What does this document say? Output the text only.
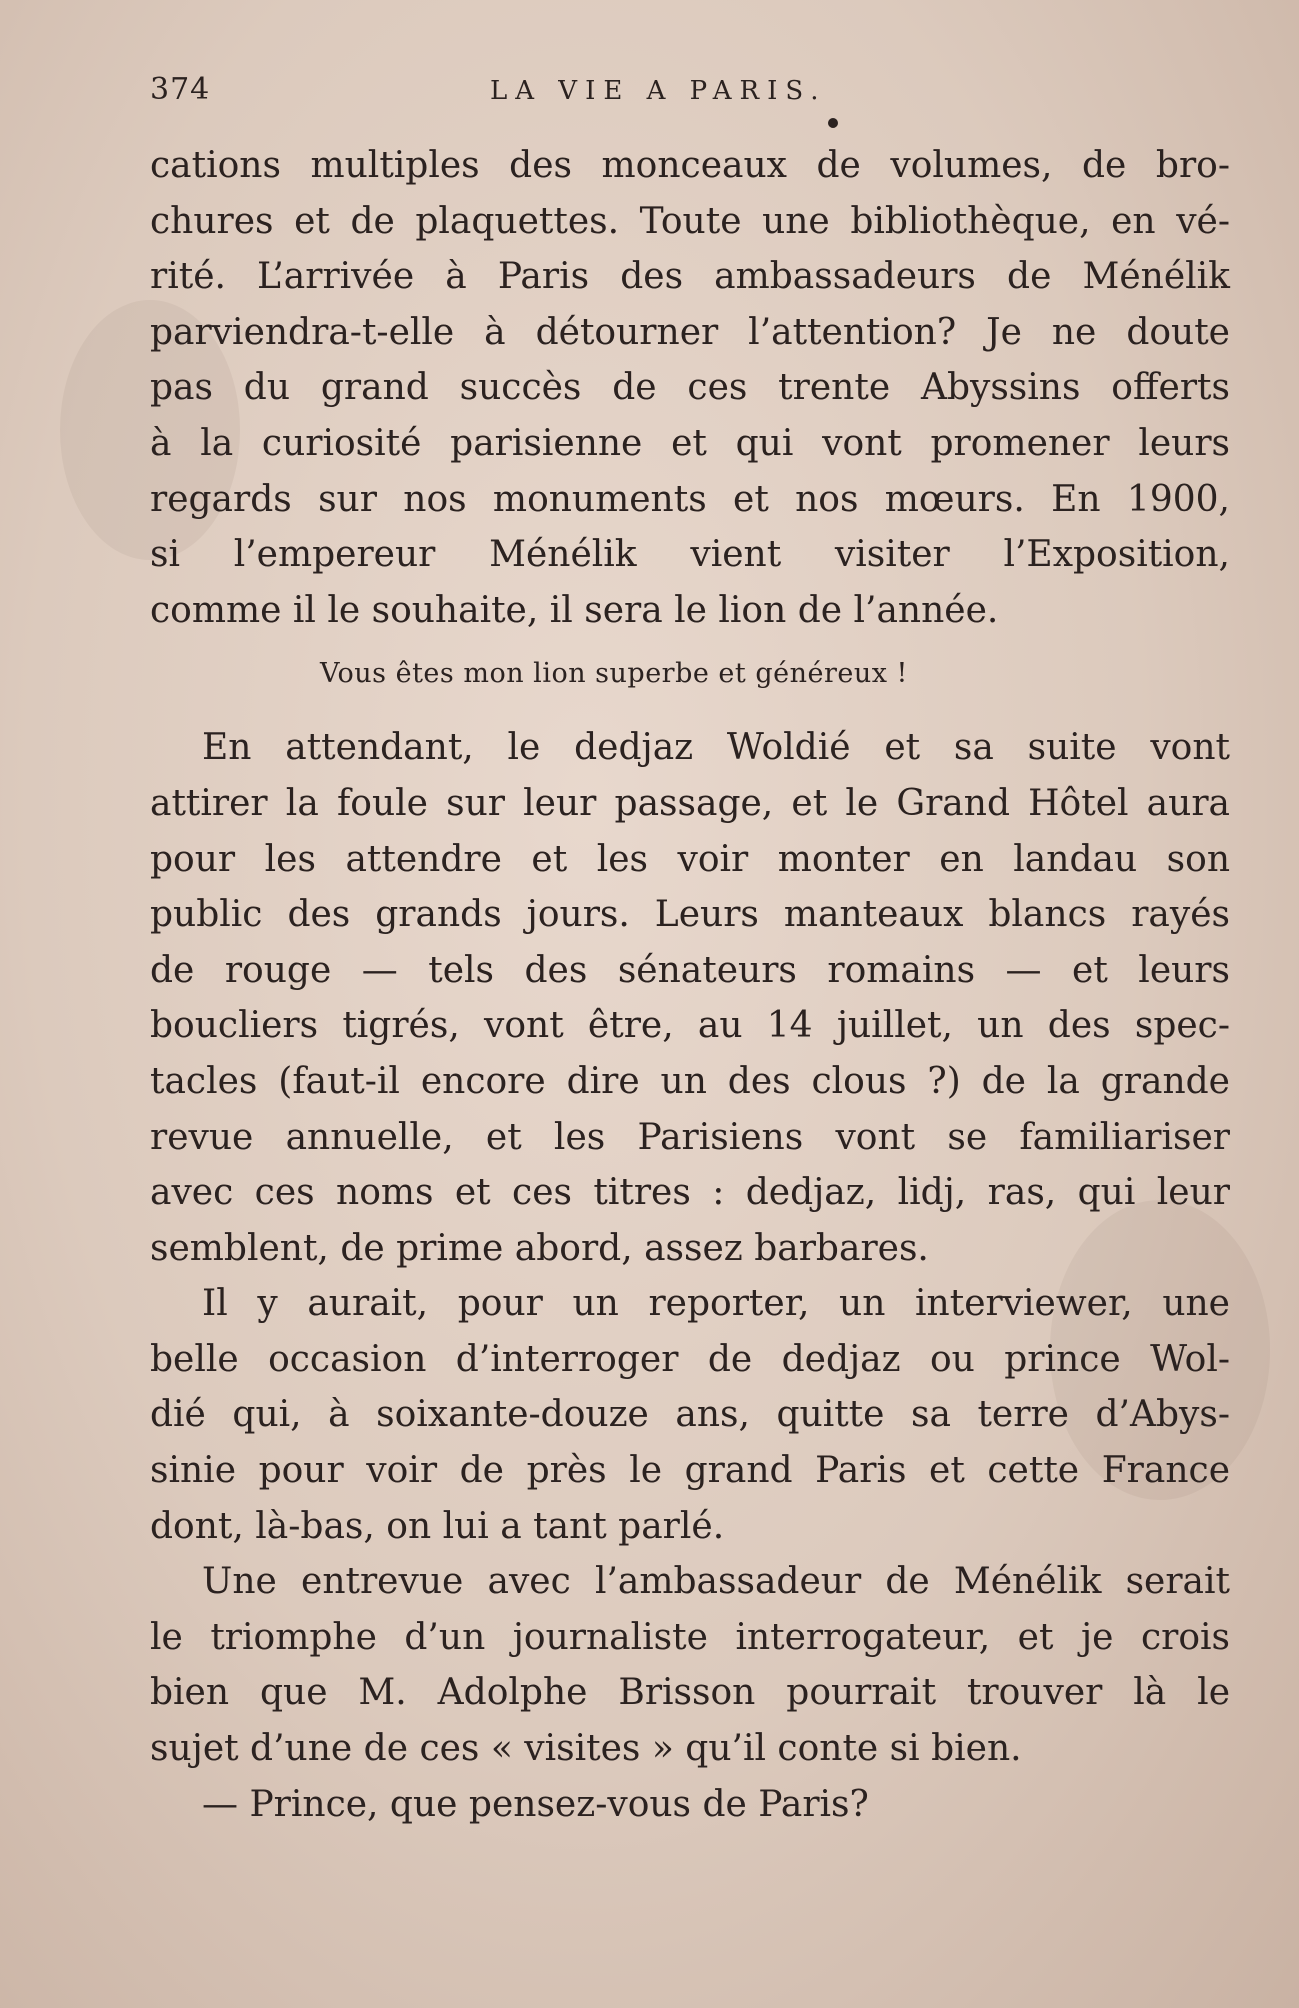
374	LA VIE A PARIS.
cations multiples des monceaux de volumes, de bro-
chures et de plaquettes. Toute une bibliothèque, en vé-
rité. L’arrivée à Paris des ambassadeurs de Ménélik
parviendra-t-elle à détourner l’attention? Je ne doute
pas du grand succès de ces trente Abyssins offerts
à la curiosité parisienne et qui vont promener leurs
regards sur nos monuments et nos mœurs. En 1900,
si l’empereur Ménélik vient visiter l’Exposition,
comme il le souhaite, il sera le lion de l’année.
Vous êtes mon lion superbe et généreux !
En attendant, le dedjaz Woldié et sa suite vont
attirer la foule sur leur passage, et le Grand Hôtel aura
pour les attendre et les voir monter en landau son
public des grands jours. Leurs manteaux blancs rayés
de rouge — tels des sénateurs romains — et leurs
boucliers tigrés, vont être, au 14 juillet, un des spec-
tacles (faut-il encore dire un des clous ?) de la grande
revue annuelle, et les Parisiens vont se familiariser
avec ces noms et ces titres : dedjaz, lidj, ras, qui leur
semblent, de prime abord, assez barbares.
Il y aurait, pour un reporter, un interviewer, une
belle occasion d’interroger de dedjaz ou prince Wol-
dié qui, à soixante-douze ans, quitte sa terre d’Abys-
sinie pour voir de près le grand Paris et cette France
dont, là-bas, on lui a tant parlé.
Une entrevue avec l’ambassadeur de Ménélik serait
le triomphe d’un journaliste interrogateur, et je crois
bien que M. Adolphe Brisson pourrait trouver là le
sujet d’une de ces « visites » qu’il conte si bien.
— Prince, que pensez-vous de Paris?
